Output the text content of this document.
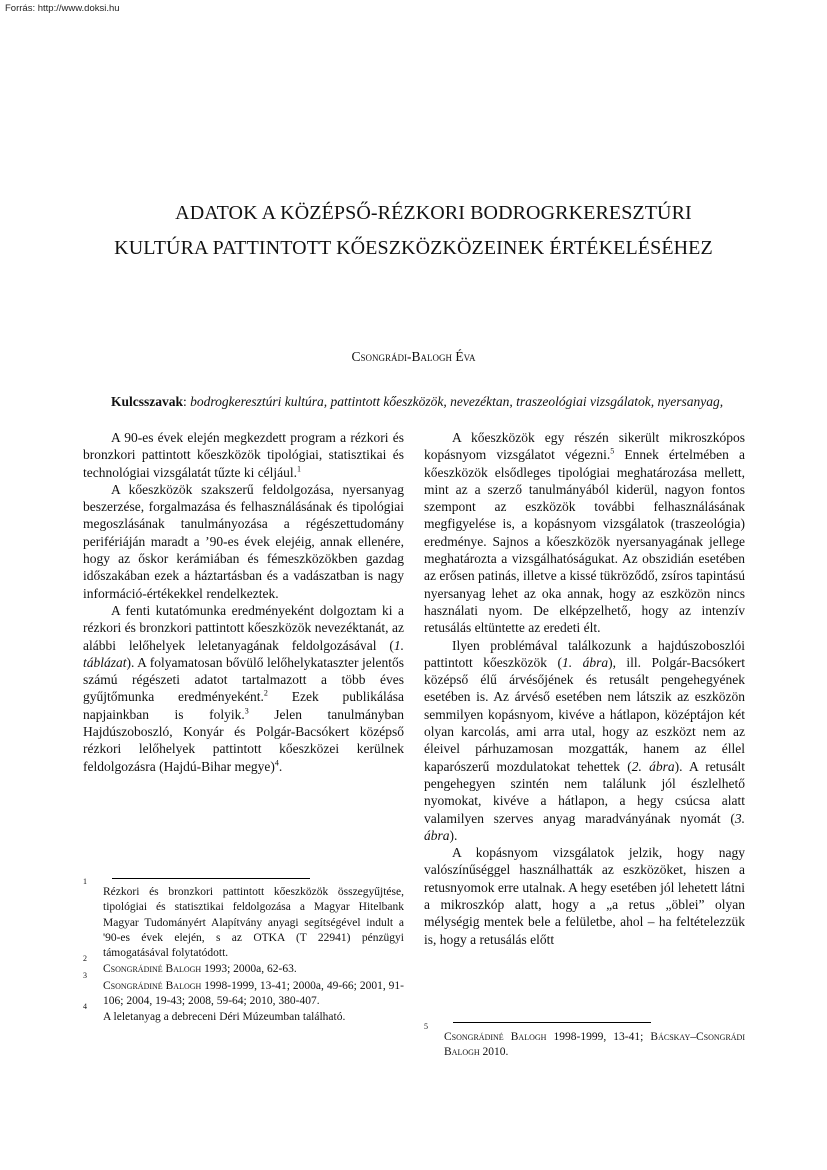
Forrás: http://www.doksi.hu
ADATOK A KÖZÉPSŐ-RÉZKORI BODROGRKERESZTÚRI
KULTÚRA PATTINTOTT KŐESZKÖZKÖZEINEK ÉRTÉKELÉSÉHEZ
Csongrádi-Balogh Éva
Kulcsszavak: bodrogkeresztúri kultúra, pattintott kőeszközök, nevezéktan, traszeológiai vizsgálatok, nyersanyag,

A 90-es évek elején megkezdett program a rézkori és bronzkori pattintott kőeszközök tipológiai, statisztikai és technológiai vizsgálatát tűzte ki céljául.$^1$

A kőeszközök szakszerű feldolgozása, nyersanyag beszerzése, forgalmazása és felhasználásának és tipológiai megoszlásának tanulmányozása a régészettudomány perifériáján maradt a ’90-es évek elejéig, annak ellenére, hogy az őskor kerámiában és fémeszközökben gazdag időszakában ezek a háztartásban és a vadászatban is nagy információ-értékekkel rendelkeztek.

A fenti kutatómunka eredményeként dolgoztam ki a rézkori és bronzkori pattintott kőeszközök nevezéktanát, az alábbi lelőhelyek leletanyagának feldolgozásával (1. táblázat). A folyamatosan bővülő lelőhelykataszter jelentős számú régészeti adatot tartalmazott a több éves gyűjtőmunka eredményeként.$^2$ Ezek publikálása napjainkban is folyik.$^3$ Jelen tanulmányban Hajdúszoboszló, Konyár és Polgár-Bacsókert középső rézkori lelőhelyek pattintott kőeszközei kerülnek feldolgozásra (Hajdú-Bihar megye)$^4$.

A kőeszközök egy részén sikerült mikroszkópos kopásnyom vizsgálatot végezni.$^5$ Ennek értelmében a kőeszközök elsődleges tipológiai meghatározása mellett, mint az a szerző tanulmányából kiderül, nagyon fontos szempont az eszközök további felhasználásának megfigyelése is, a kopásnyom vizsgálatok (traszeológia) eredménye. Sajnos a kőeszközök nyersanyagának jellege meghatározta a vizsgálhatóságukat. Az obszidián esetében az erősen patinás, illetve a kissé tükröződő, zsíros tapintású nyersanyag lehet az oka annak, hogy az eszközön nincs használati nyom. De elképzelhető, hogy az intenzív retusálás eltüntette az eredeti élt.

Ilyen problémával találkozunk a hajdúszoboszlói pattintott kőeszközök (1. ábra), ill. Polgár-Bacsókert középső élű árvésőjének és retusált pengehegyének esetében is. Az árvéső esetében nem látszik az eszközön semmilyen kopásnyom, kivéve a hátlapon, középtájon két olyan karcolás, ami arra utal, hogy az eszközt nem az éleivel párhuzamosan mozgatták, hanem az éllel kaparószerű mozdulatokat tehettek (2. ábra). A retusált pengehegyen szintén nem találunk jól észlelhető nyomokat, kivéve a hátlapon, a hegy csúcsa alatt valamilyen szerves anyag maradványának nyomát (3. ábra).

A kopásnyom vizsgálatok jelzik, hogy nagy valószínűséggel használhatták az eszközöket, hiszen a retusnyomok erre utalnak. A hegy esetében jól lehetett látni a mikroszkóp alatt, hogy a „a retus „öblei” olyan mélységig mentek bele a felületbe, ahol – ha feltételezzük is, hogy a retusálás előtt

1
Rézkori és bronzkori pattintott kőeszközök összegyűjtése, tipológiai és statisztikai feldolgozása a Magyar Hitelbank Magyar Tudományért Alapítvány anyagi segítségével indult a '90-es évek elején, s az OTKA (T 22941) pénzügyi támogatásával folytatódott.
2
Csongrádiné Balogh 1993; 2000a, 62-63.
3
Csongrádiné Balogh 1998-1999, 13-41; 2000a, 49-66; 2001, 91-106; 2004, 19-43; 2008, 59-64; 2010, 380-407.
4
A leletanyag a debreceni Déri Múzeumban található.
5
Csongrádiné Balogh 1998-1999, 13-41; Bácskay–Csongrádi Balogh 2010.
